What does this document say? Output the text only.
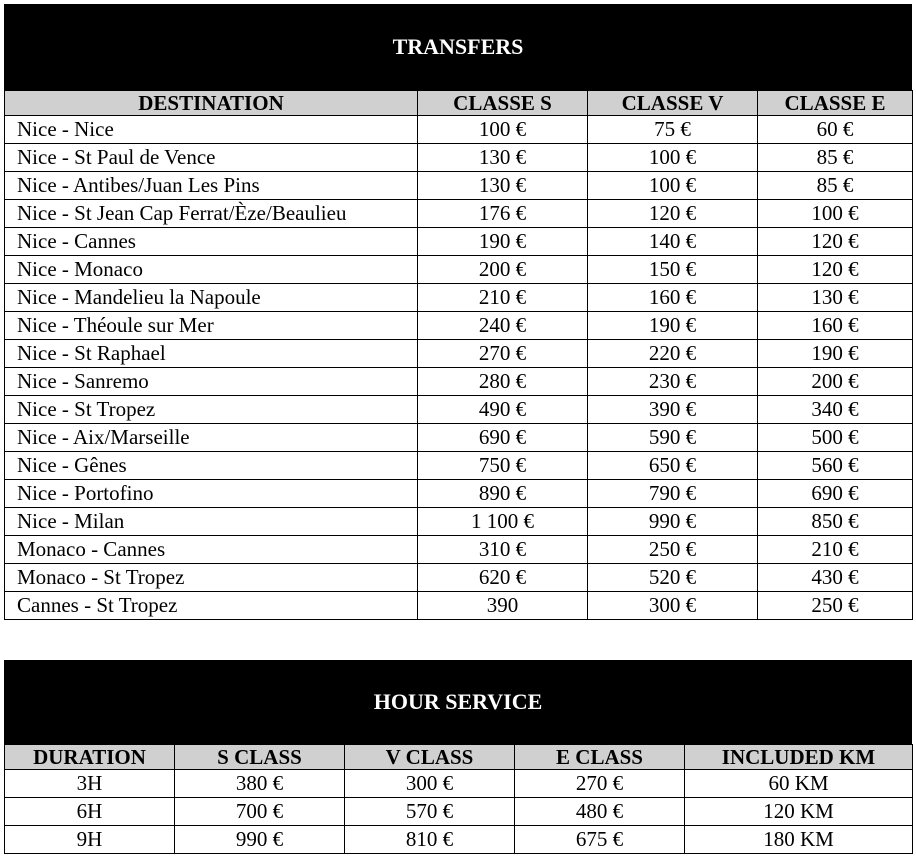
TRANSFERS
DESTINATION	CLASSE S	CLASSE V	CLASSE E
Nice - Nice	100 €	75 €	60 €
Nice - St Paul de Vence	130 €	100 €	85 €
Nice - Antibes/Juan Les Pins	130 €	100 €	85 €
Nice - St Jean Cap Ferrat/Èze/Beaulieu	176 €	120 €	100 €
Nice - Cannes	190 €	140 €	120 €
Nice - Monaco	200 €	150 €	120 €
Nice - Mandelieu la Napoule	210 €	160 €	130 €
Nice - Théoule sur Mer	240 €	190 €	160 €
Nice - St Raphael	270 €	220 €	190 €
Nice - Sanremo	280 €	230 €	200 €
Nice - St Tropez	490 €	390 €	340 €
Nice - Aix/Marseille	690 €	590 €	500 €
Nice - Gênes	750 €	650 €	560 €
Nice - Portofino	890 €	790 €	690 €
Nice - Milan	1 100 €	990 €	850 €
Monaco - Cannes	310 €	250 €	210 €
Monaco - St Tropez	620 €	520 €	430 €
Cannes - St Tropez	390	300 €	250 €
HOUR SERVICE
DURATION	S CLASS	V CLASS	E CLASS	INCLUDED KM
3H	380 €	300 €	270 €	60 KM
6H	700 €	570 €	480 €	120 KM
9H	990 €	810 €	675 €	180 KM
